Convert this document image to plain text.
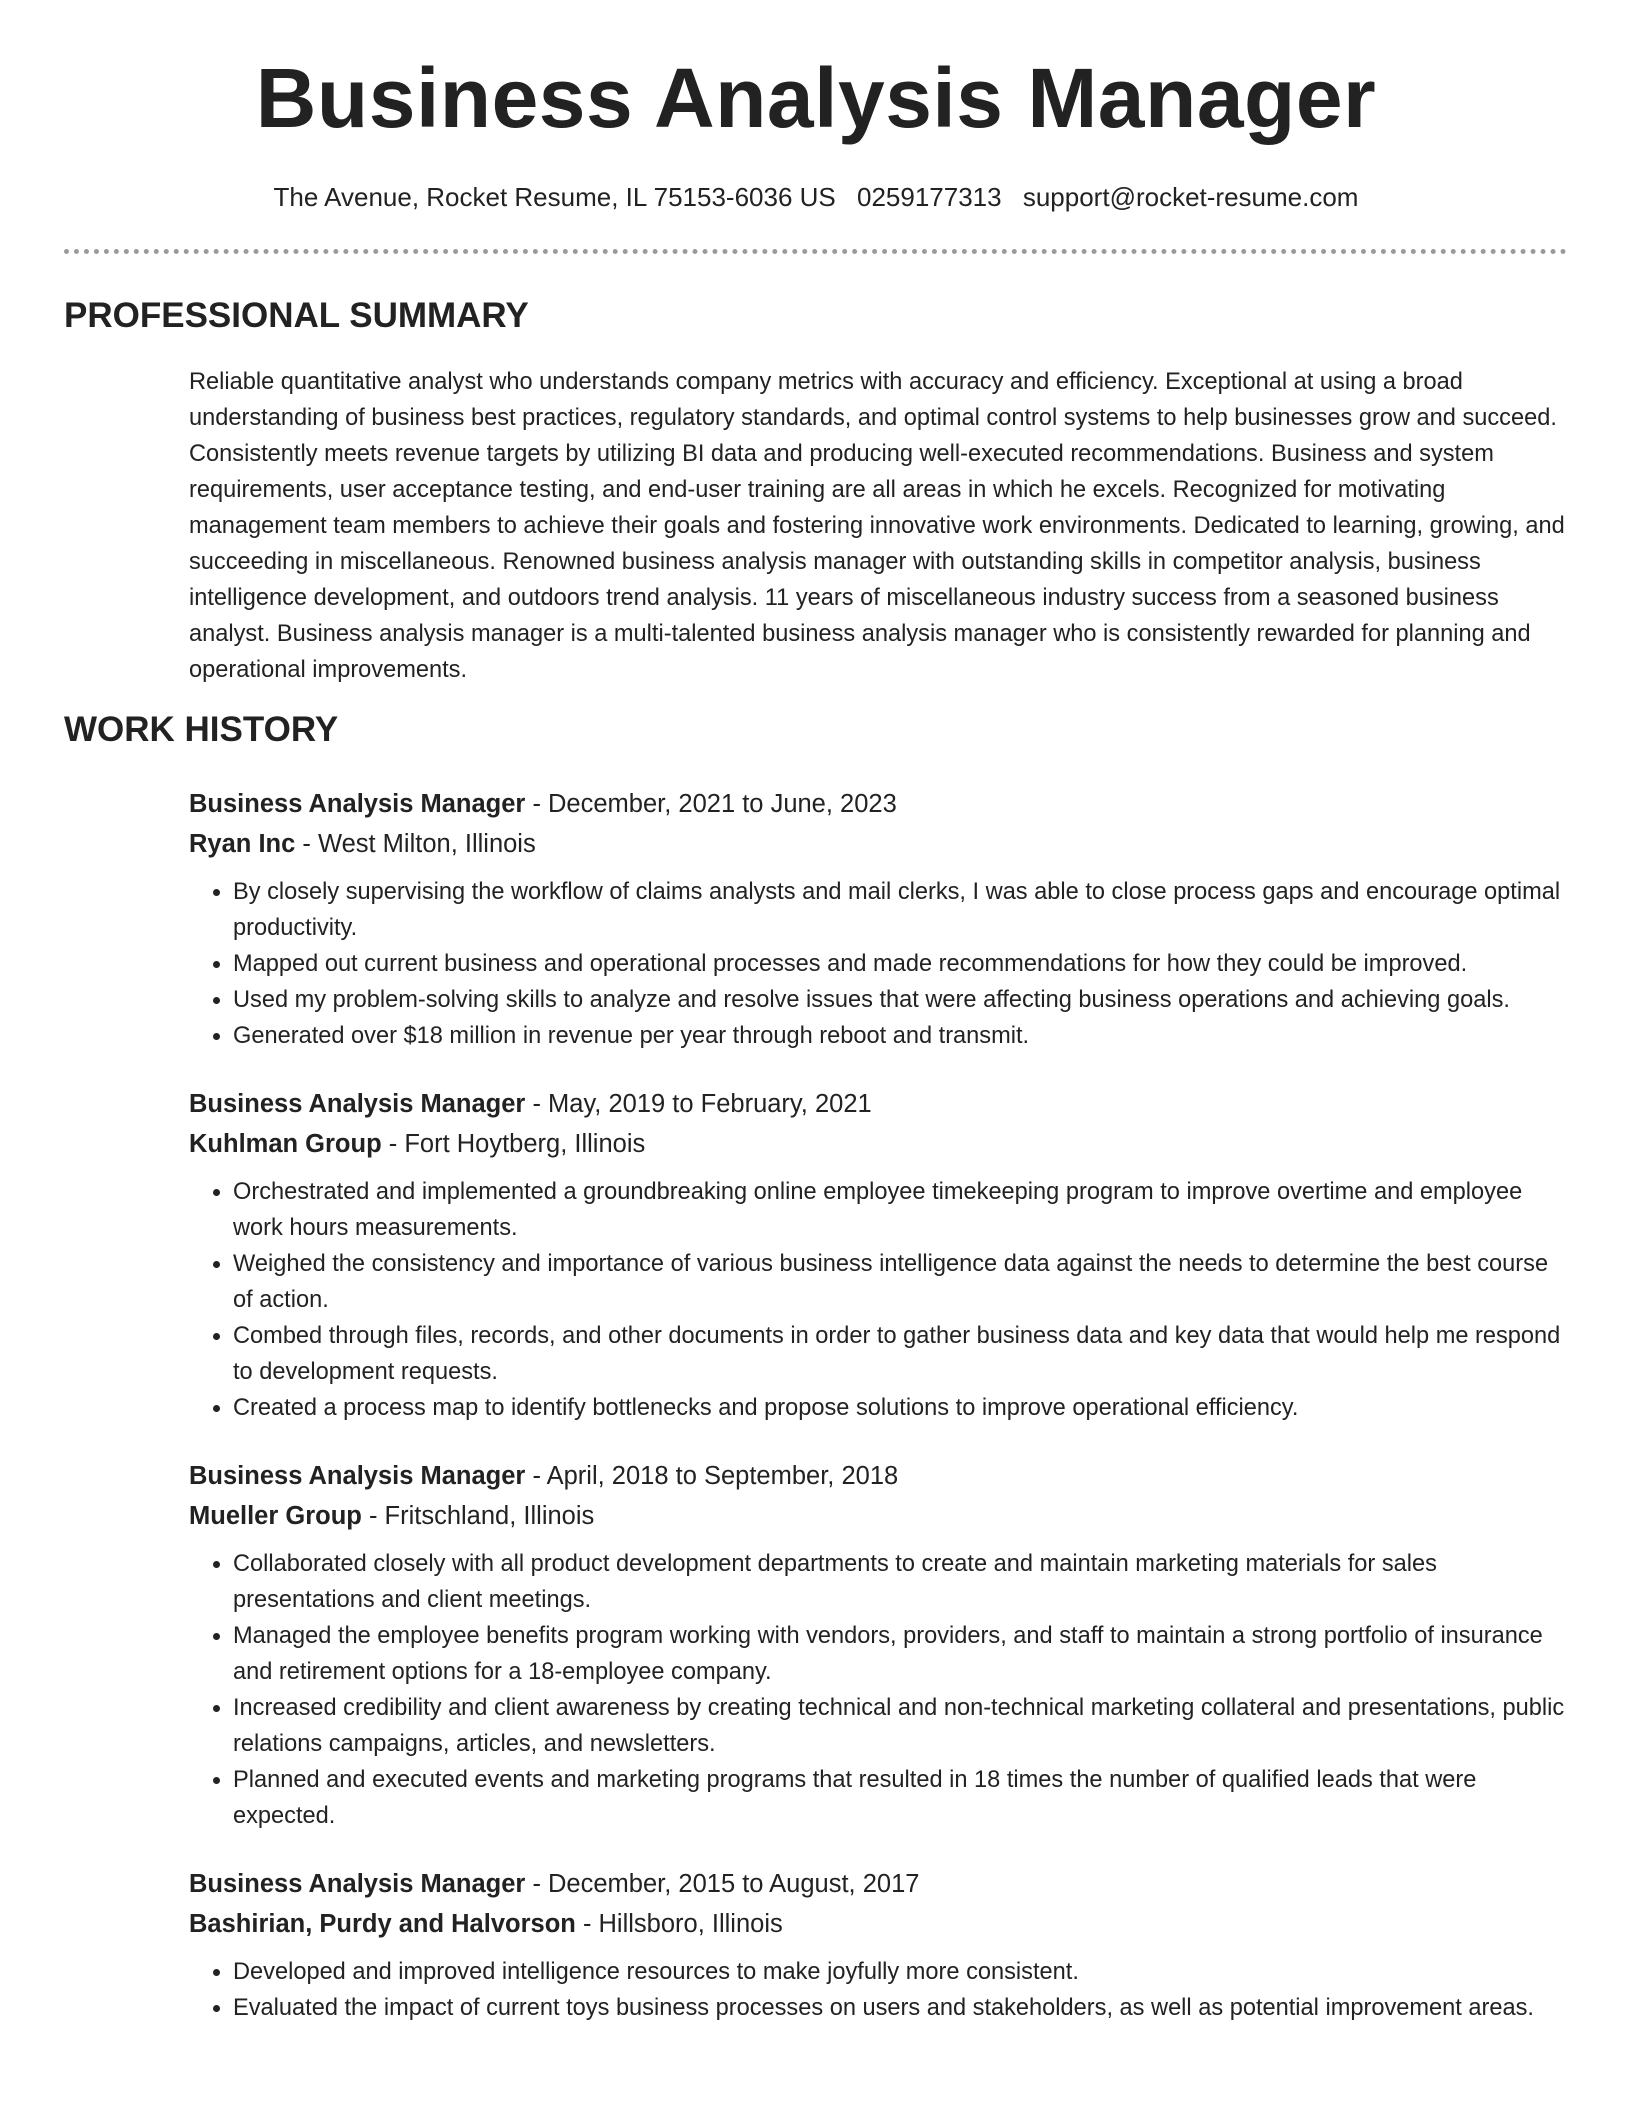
Business Analysis Manager
The Avenue, Rocket Resume, IL 75153-6036 US 0259177313 support@rocket-resume.com
PROFESSIONAL SUMMARY

Reliable quantitative analyst who understands company metrics with accuracy and efficiency. Exceptional at using a broad understanding of business best practices, regulatory standards, and optimal control systems to help businesses grow and succeed. Consistently meets revenue targets by utilizing BI data and producing well-executed recommendations. Business and system requirements, user acceptance testing, and end-user training are all areas in which he excels. Recognized for motivating management team members to achieve their goals and fostering innovative work environments. Dedicated to learning, growing, and succeeding in miscellaneous. Renowned business analysis manager with outstanding skills in competitor analysis, business intelligence development, and outdoors trend analysis. 11 years of miscellaneous industry success from a seasoned business analyst. Business analysis manager is a multi-talented business analysis manager who is consistently rewarded for planning and operational improvements.

WORK HISTORY

Business Analysis Manager - December, 2021 to June, 2023

Ryan Inc - West Milton, Illinois

• By closely supervising the workflow of claims analysts and mail clerks, I was able to close process gaps and encourage optimal productivity.
• Mapped out current business and operational processes and made recommendations for how they could be improved.
• Used my problem-solving skills to analyze and resolve issues that were affecting business operations and achieving goals.
• Generated over $18 million in revenue per year through reboot and transmit.

Business Analysis Manager - May, 2019 to February, 2021

Kuhlman Group - Fort Hoytberg, Illinois

• Orchestrated and implemented a groundbreaking online employee timekeeping program to improve overtime and employee work hours measurements.
• Weighed the consistency and importance of various business intelligence data against the needs to determine the best course of action.
• Combed through files, records, and other documents in order to gather business data and key data that would help me respond to development requests.
• Created a process map to identify bottlenecks and propose solutions to improve operational efficiency.

Business Analysis Manager - April, 2018 to September, 2018

Mueller Group - Fritschland, Illinois

• Collaborated closely with all product development departments to create and maintain marketing materials for sales presentations and client meetings.
• Managed the employee benefits program working with vendors, providers, and staff to maintain a strong portfolio of insurance and retirement options for a 18-employee company.
• Increased credibility and client awareness by creating technical and non-technical marketing collateral and presentations, public relations campaigns, articles, and newsletters.
• Planned and executed events and marketing programs that resulted in 18 times the number of qualified leads that were expected.

Business Analysis Manager - December, 2015 to August, 2017

Bashirian, Purdy and Halvorson - Hillsboro, Illinois

• Developed and improved intelligence resources to make joyfully more consistent.
• Evaluated the impact of current toys business processes on users and stakeholders, as well as potential improvement areas.
